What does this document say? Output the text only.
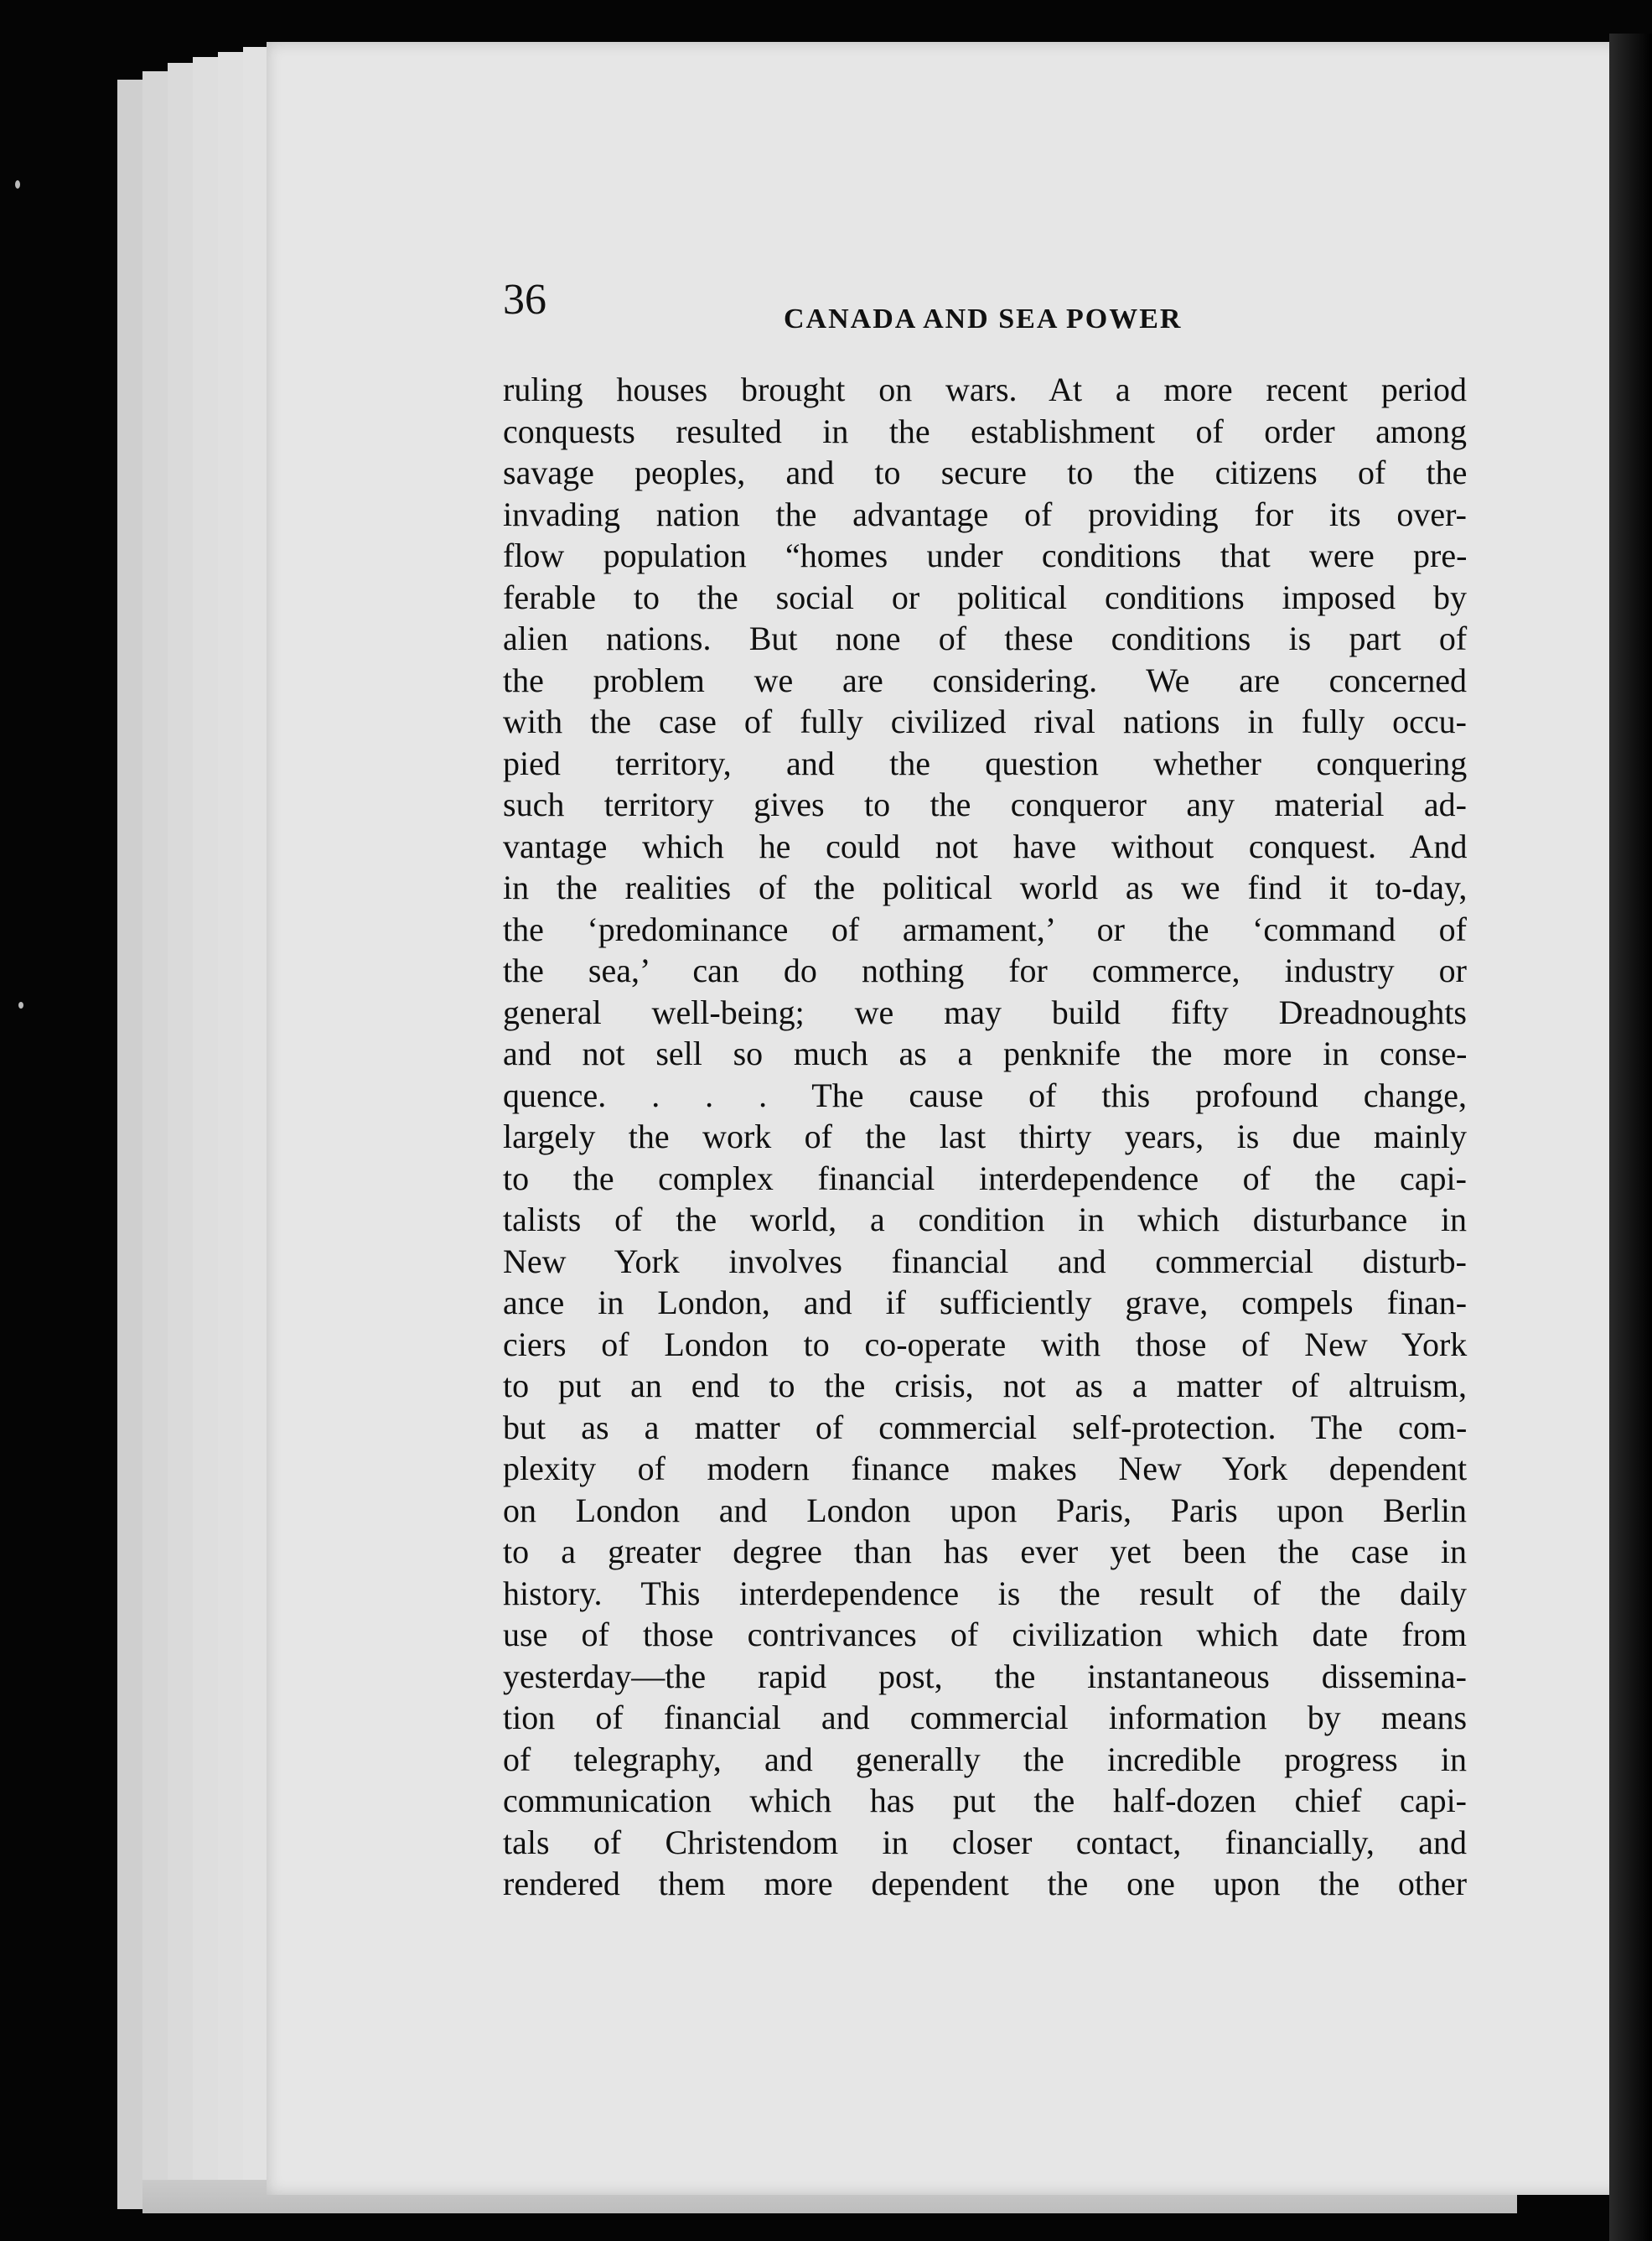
36	CANADA AND SEA POWER

ruling houses brought on wars. At a more recent period
conquests resulted in the establishment of order among
savage peoples, and to secure to the citizens of the
invading nation the advantage of providing for its over-
flow population “homes under conditions that were pre-
ferable to the social or political conditions imposed by
alien nations. But none of these conditions is part of
the problem we are considering. We are concerned
with the case of fully civilized rival nations in fully occu-
pied territory, and the question whether conquering
such territory gives to the conqueror any material ad-
vantage which he could not have without conquest. And
in the realities of the political world as we find it to-day,
the ‘predominance of armament,’ or the ‘command of
the sea,’ can do nothing for commerce, industry or
general well-being; we may build fifty Dreadnoughts
and not sell so much as a penknife the more in conse-
quence. . . . The cause of this profound change,
largely the work of the last thirty years, is due mainly
to the complex financial interdependence of the capi-
talists of the world, a condition in which disturbance in
New York involves financial and commercial disturb-
ance in London, and if sufficiently grave, compels finan-
ciers of London to co-operate with those of New York
to put an end to the crisis, not as a matter of altruism,
but as a matter of commercial self-protection. The com-
plexity of modern finance makes New York dependent
on London and London upon Paris, Paris upon Berlin
to a greater degree than has ever yet been the case in
history. This interdependence is the result of the daily
use of those contrivances of civilization which date from
yesterday—the rapid post, the instantaneous dissemina-
tion of financial and commercial information by means
of telegraphy, and generally the incredible progress in
communication which has put the half-dozen chief capi-
tals of Christendom in closer contact, financially, and
rendered them more dependent the one upon the other
